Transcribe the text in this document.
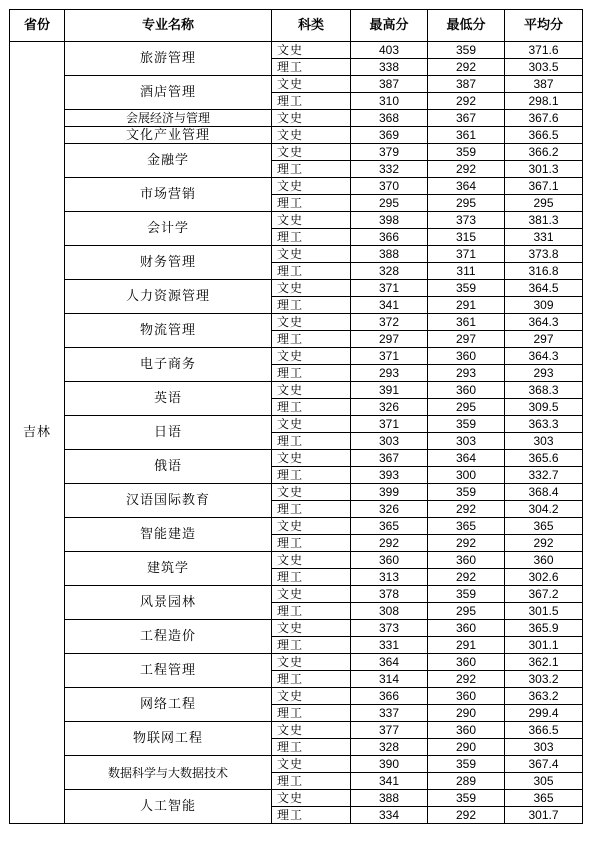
省份	专业名称	科类	最高分	最低分	平均分
吉林	旅游管理	文史	403	359	371.6
		理工	338	292	303.5
	酒店管理	文史	387	387	387
		理工	310	292	298.1
	会展经济与管理	文史	368	367	367.6
	文化产业管理	文史	369	361	366.5
	金融学	文史	379	359	366.2
		理工	332	292	301.3
	市场营销	文史	370	364	367.1
		理工	295	295	295
	会计学	文史	398	373	381.3
		理工	366	315	331
	财务管理	文史	388	371	373.8
		理工	328	311	316.8
	人力资源管理	文史	371	359	364.5
		理工	341	291	309
	物流管理	文史	372	361	364.3
		理工	297	297	297
	电子商务	文史	371	360	364.3
		理工	293	293	293
	英语	文史	391	360	368.3
		理工	326	295	309.5
	日语	文史	371	359	363.3
		理工	303	303	303
	俄语	文史	367	364	365.6
		理工	393	300	332.7
	汉语国际教育	文史	399	359	368.4
		理工	326	292	304.2
	智能建造	文史	365	365	365
		理工	292	292	292
	建筑学	文史	360	360	360
		理工	313	292	302.6
	风景园林	文史	378	359	367.2
		理工	308	295	301.5
	工程造价	文史	373	360	365.9
		理工	331	291	301.1
	工程管理	文史	364	360	362.1
		理工	314	292	303.2
	网络工程	文史	366	360	363.2
		理工	337	290	299.4
	物联网工程	文史	377	360	366.5
		理工	328	290	303
	数据科学与大数据技术	文史	390	359	367.4
		理工	341	289	305
	人工智能	文史	388	359	365
		理工	334	292	301.7
